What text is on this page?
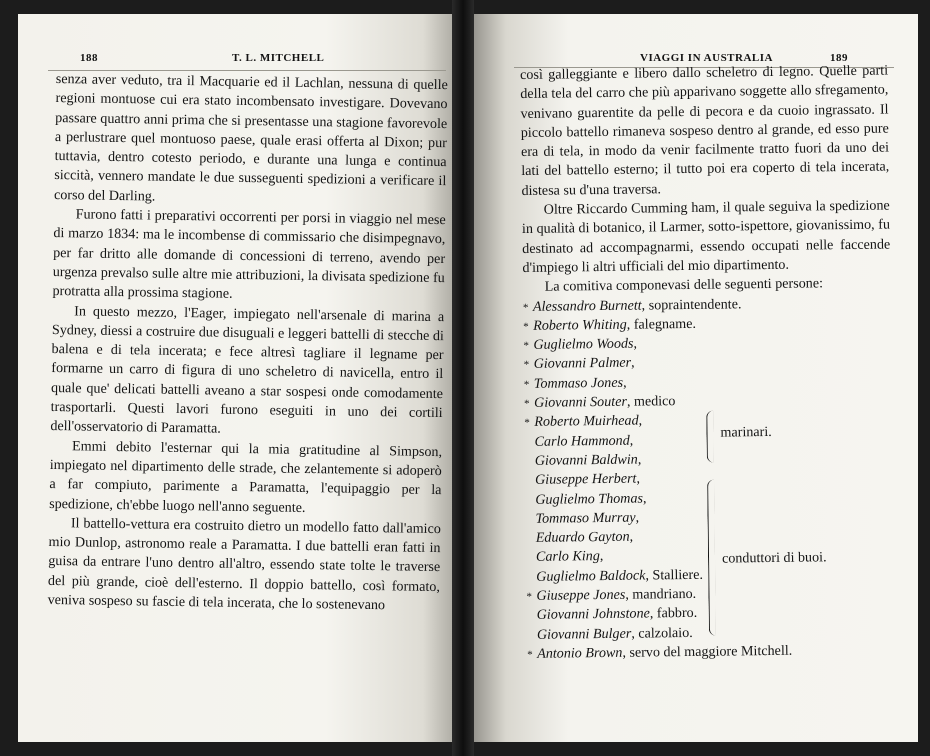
188	T. L. MITCHELL

senza aver veduto, tra il Macquarie ed il Lachlan, nessuna di quelle regioni montuose cui era stato incombensato investigare. Dovevano passare quattro anni prima che si presentasse una stagione favorevole a perlustrare quel montuoso paese, quale erasi offerta al Dixon; pur tuttavia, dentro cotesto periodo, e durante una lunga e continua siccità, vennero mandate le due susseguenti spedizioni a verificare il corso del Darling.

Furono fatti i preparativi occorrenti per porsi in viaggio nel mese di marzo 1834: ma le incombense di commissario che disimpegnavo, per far dritto alle domande di concessioni di terreno, avendo per urgenza prevalso sulle altre mie attribuzioni, la divisata spedizione fu protratta alla prossima stagione.

In questo mezzo, l'Eager, impiegato nell'arsenale di marina a Sydney, diessi a costruire due disuguali e leggeri battelli di stecche di balena e di tela incerata; e fece altresì tagliare il legname per formarne un carro di figura di uno scheletro di navicella, entro il quale que' delicati battelli aveano a star sospesi onde comodamente trasportarli. Questi lavori furono eseguiti in uno dei cortili dell'osservatorio di Paramatta.

Emmi debito l'esternar qui la mia gratitudine al Simpson, impiegato nel dipartimento delle strade, che zelantemente si adoperò a far compiuto, parimente a Paramatta, l'equipaggio per la spedizione, ch'ebbe luogo nell'anno seguente.

Il battello-vettura era costruito dietro un modello fatto dall'amico mio Dunlop, astronomo reale a Paramatta. I due battelli eran fatti in guisa da entrare l'uno dentro all'altro, essendo state tolte le traverse del più grande, cioè dell'esterno. Il doppio battello, così formato, veniva sospeso su fascie di tela incerata, che lo sostenevano

VIAGGI IN AUSTRALIA	189

così galleggiante e libero dallo scheletro di legno. Quelle parti della tela del carro che più apparivano soggette allo sfregamento, venivano guarentite da pelle di pecora e da cuoio ingrassato. Il piccolo battello rimaneva sospeso dentro al grande, ed esso pure era di tela, in modo da venir facilmente tratto fuori da uno dei lati del battello esterno; il tutto poi era coperto di tela incerata, distesa su d'una traversa.

Oltre Riccardo Cumming ham, il quale seguiva la spedizione in qualità di botanico, il Larmer, sotto-ispettore, giovanissimo, fu destinato ad accompagnarmi, essendo occupati nelle faccende d'impiego li altri ufficiali del mio dipartimento.

La comitiva componevasi delle seguenti persone:

* Alessandro Burnett, sopraintendente.
* Roberto Whiting, falegname.
* Guglielmo Woods,
* Giovanni Palmer,
* Tommaso Jones,
* Giovanni Souter, medico
* Roberto Muirhead,
Carlo Hammond,
Giovanni Baldwin,
Giuseppe Herbert,
Guglielmo Thomas,
Tommaso Murray,
Eduardo Gayton,
Carlo King,
Guglielmo Baldock, Stalliere.
* Giuseppe Jones, mandriano.
Giovanni Johnstone, fabbro.
Giovanni Bulger, calzolaio.
* Antonio Brown, servo del maggiore Mitchell.
marinari.
conduttori di buoi.
